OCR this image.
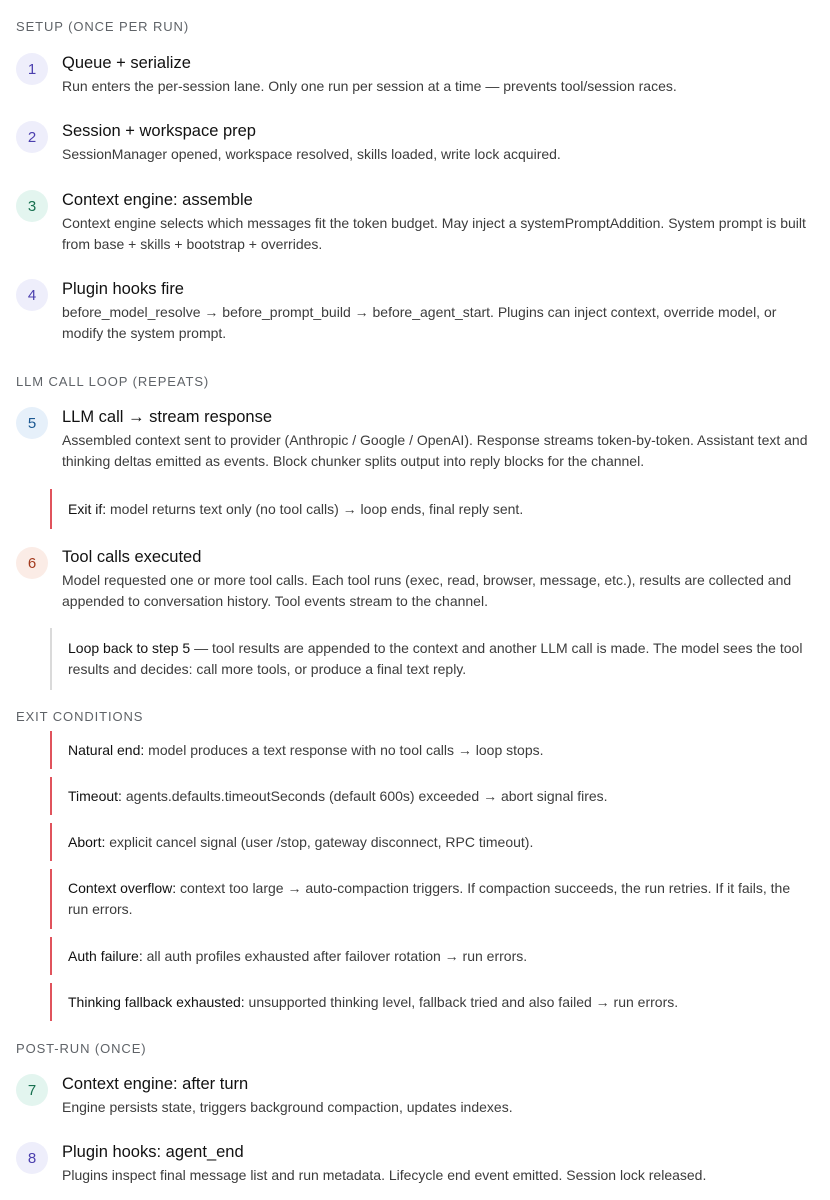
SETUP (ONCE PER RUN)
1	Queue + serialize
Run enters the per-session lane. Only one run per session at a time — prevents tool/session races.
2	Session + workspace prep
SessionManager opened, workspace resolved, skills loaded, write lock acquired.
3	Context engine: assemble
Context engine selects which messages fit the token budget. May inject a systemPromptAddition. System prompt is built from base + skills + bootstrap + overrides.
4	Plugin hooks fire
before_model_resolve → before_prompt_build → before_agent_start. Plugins can inject context, override model, or modify the system prompt.
LLM CALL LOOP (REPEATS)
5	LLM call → stream response
Assembled context sent to provider (Anthropic / Google / OpenAI). Response streams token-by-token. Assistant text and thinking deltas emitted as events. Block chunker splits output into reply blocks for the channel.
Exit if: model returns text only (no tool calls) → loop ends, final reply sent.
6	Tool calls executed
Model requested one or more tool calls. Each tool runs (exec, read, browser, message, etc.), results are collected and appended to conversation history. Tool events stream to the channel.
Loop back to step 5 — tool results are appended to the context and another LLM call is made. The model sees the tool results and decides: call more tools, or produce a final text reply.
EXIT CONDITIONS
Natural end: model produces a text response with no tool calls → loop stops.
Timeout: agents.defaults.timeoutSeconds (default 600s) exceeded → abort signal fires.
Abort: explicit cancel signal (user /stop, gateway disconnect, RPC timeout).
Context overflow: context too large → auto-compaction triggers. If compaction succeeds, the run retries. If it fails, the run errors.
Auth failure: all auth profiles exhausted after failover rotation → run errors.
Thinking fallback exhausted: unsupported thinking level, fallback tried and also failed → run errors.
POST-RUN (ONCE)
7	Context engine: after turn
Engine persists state, triggers background compaction, updates indexes.
8	Plugin hooks: agent_end
Plugins inspect final message list and run metadata. Lifecycle end event emitted. Session lock released.
